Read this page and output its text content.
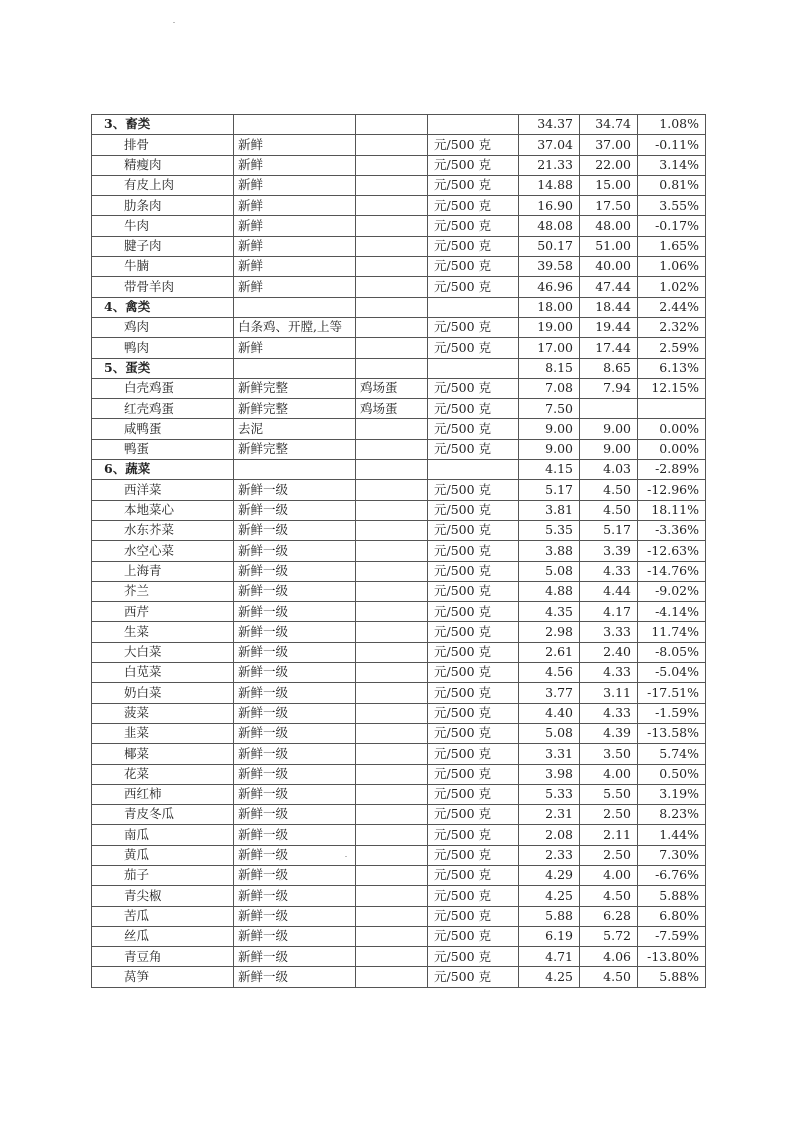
3、畜类				34.37	34.74	1.08%
排骨	新鲜		元/500 克	37.04	37.00	-0.11%
精瘦肉	新鲜		元/500 克	21.33	22.00	3.14%
有皮上肉	新鲜		元/500 克	14.88	15.00	0.81%
肋条肉	新鲜		元/500 克	16.90	17.50	3.55%
牛肉	新鲜		元/500 克	48.08	48.00	-0.17%
腱子肉	新鲜		元/500 克	50.17	51.00	1.65%
牛腩	新鲜		元/500 克	39.58	40.00	1.06%
带骨羊肉	新鲜		元/500 克	46.96	47.44	1.02%
4、禽类				18.00	18.44	2.44%
鸡肉	白条鸡、开膛,上等		元/500 克	19.00	19.44	2.32%
鸭肉	新鲜		元/500 克	17.00	17.44	2.59%
5、蛋类				8.15	8.65	6.13%
白壳鸡蛋	新鲜完整	鸡场蛋	元/500 克	7.08	7.94	12.15%
红壳鸡蛋	新鲜完整	鸡场蛋	元/500 克	7.50		
咸鸭蛋	去泥		元/500 克	9.00	9.00	0.00%
鸭蛋	新鲜完整		元/500 克	9.00	9.00	0.00%
6、蔬菜				4.15	4.03	-2.89%
西洋菜	新鲜一级		元/500 克	5.17	4.50	-12.96%
本地菜心	新鲜一级		元/500 克	3.81	4.50	18.11%
水东芥菜	新鲜一级		元/500 克	5.35	5.17	-3.36%
水空心菜	新鲜一级		元/500 克	3.88	3.39	-12.63%
上海青	新鲜一级		元/500 克	5.08	4.33	-14.76%
芥兰	新鲜一级		元/500 克	4.88	4.44	-9.02%
西芹	新鲜一级		元/500 克	4.35	4.17	-4.14%
生菜	新鲜一级		元/500 克	2.98	3.33	11.74%
大白菜	新鲜一级		元/500 克	2.61	2.40	-8.05%
白苋菜	新鲜一级		元/500 克	4.56	4.33	-5.04%
奶白菜	新鲜一级		元/500 克	3.77	3.11	-17.51%
菠菜	新鲜一级		元/500 克	4.40	4.33	-1.59%
韭菜	新鲜一级		元/500 克	5.08	4.39	-13.58%
椰菜	新鲜一级		元/500 克	3.31	3.50	5.74%
花菜	新鲜一级		元/500 克	3.98	4.00	0.50%
西红柿	新鲜一级		元/500 克	5.33	5.50	3.19%
青皮冬瓜	新鲜一级		元/500 克	2.31	2.50	8.23%
南瓜	新鲜一级		元/500 克	2.08	2.11	1.44%
黄瓜	新鲜一级		元/500 克	2.33	2.50	7.30%
茄子	新鲜一级		元/500 克	4.29	4.00	-6.76%
青尖椒	新鲜一级		元/500 克	4.25	4.50	5.88%
苦瓜	新鲜一级		元/500 克	5.88	6.28	6.80%
丝瓜	新鲜一级		元/500 克	6.19	5.72	-7.59%
青豆角	新鲜一级		元/500 克	4.71	4.06	-13.80%
莴笋	新鲜一级		元/500 克	4.25	4.50	5.88%
